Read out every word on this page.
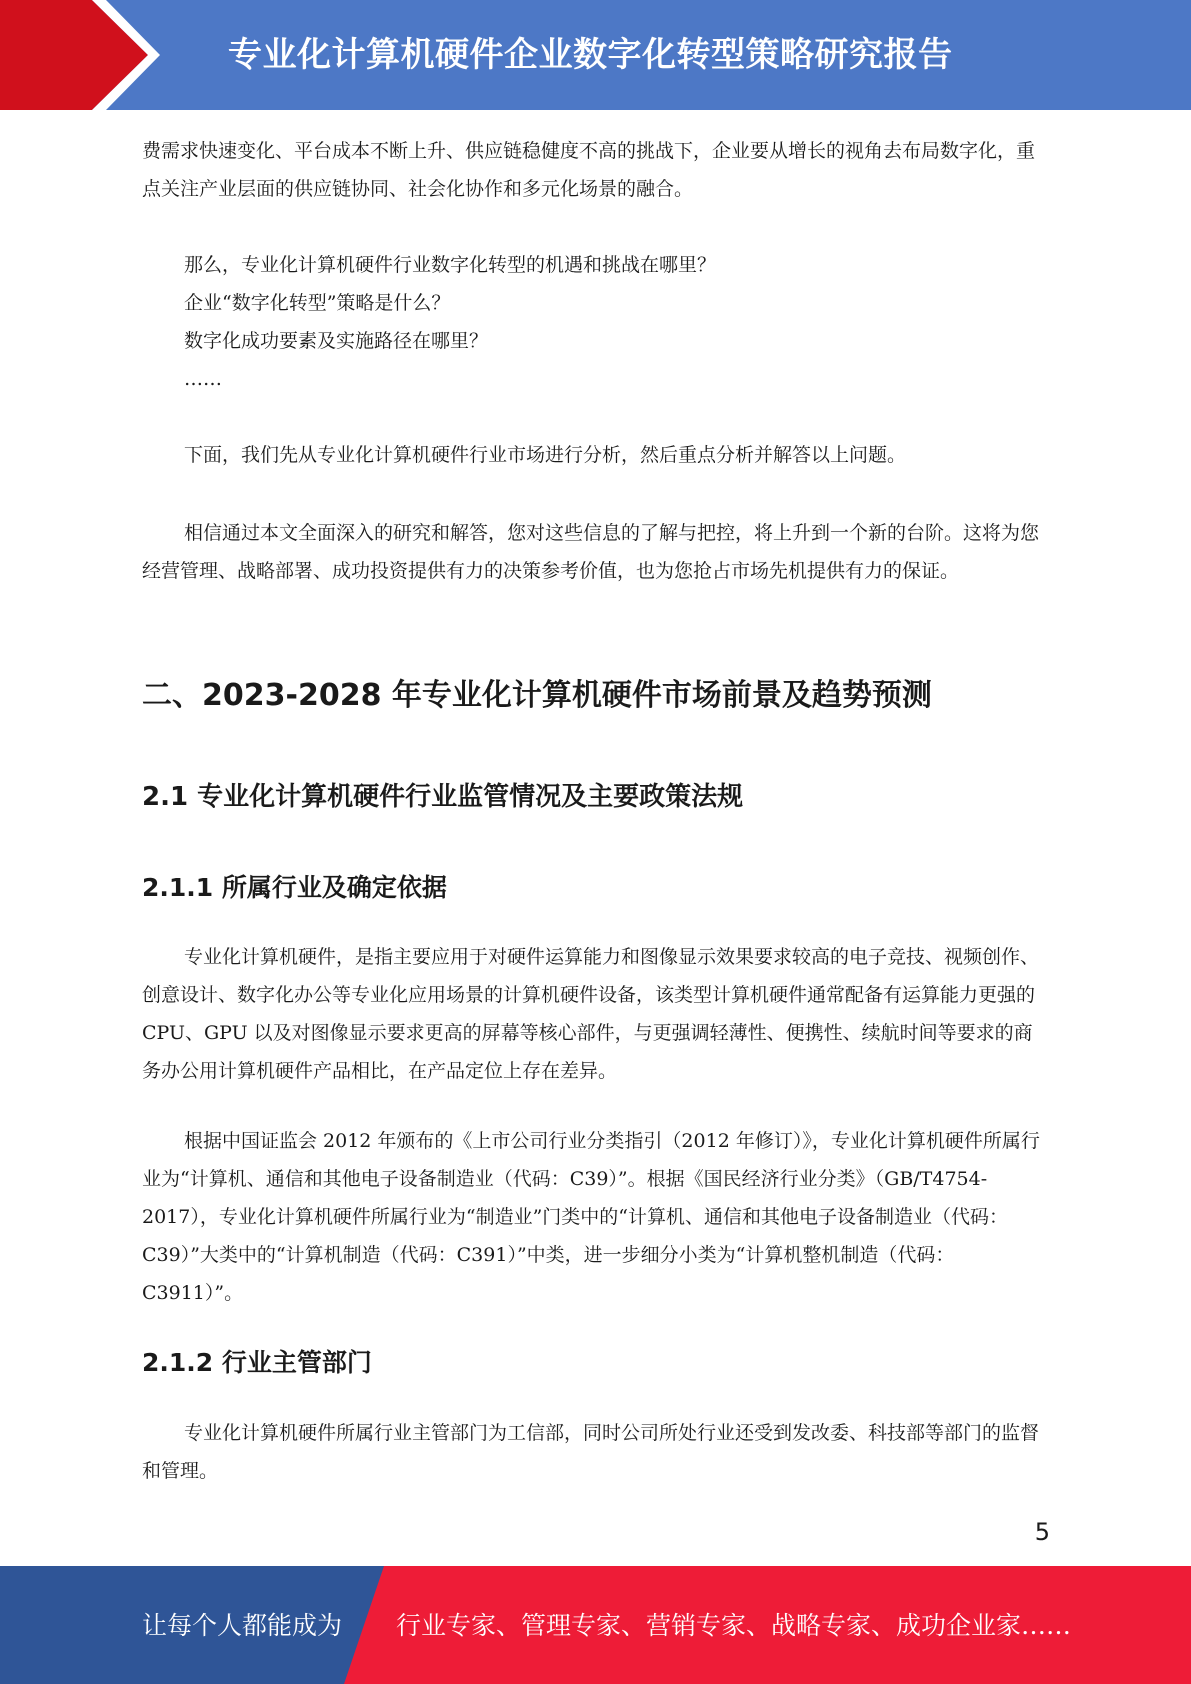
专业化计算机硬件企业数字化转型策略研究报告

费需求快速变化、平台成本不断上升、供应链稳健度不高的挑战下，企业要从增长的视角去布局数字化，重点关注产业层面的供应链协同、社会化协作和多元化场景的融合。

那么，专业化计算机硬件行业数字化转型的机遇和挑战在哪里？

企业“数字化转型”策略是什么？

数字化成功要素及实施路径在哪里？

……

下面，我们先从专业化计算机硬件行业市场进行分析，然后重点分析并解答以上问题。

相信通过本文全面深入的研究和解答，您对这些信息的了解与把控，将上升到一个新的台阶。这将为您经营管理、战略部署、成功投资提供有力的决策参考价值，也为您抢占市场先机提供有力的保证。

二、2023-2028 年专业化计算机硬件市场前景及趋势预测
2.1 专业化计算机硬件行业监管情况及主要政策法规
2.1.1 所属行业及确定依据

专业化计算机硬件，是指主要应用于对硬件运算能力和图像显示效果要求较高的电子竞技、视频创作、创意设计、数字化办公等专业化应用场景的计算机硬件设备，该类型计算机硬件通常配备有运算能力更强的 CPU、GPU 以及对图像显示要求更高的屏幕等核心部件，与更强调轻薄性、便携性、续航时间等要求的商务办公用计算机硬件产品相比，在产品定位上存在差异。

根据中国证监会 2012 年颁布的《上市公司行业分类指引（2012 年修订）》，专业化计算机硬件所属行业为“计算机、通信和其他电子设备制造业（代码：C39）”。根据《国民经济行业分类》（GB/T4754-2017），专业化计算机硬件所属行业为“制造业”门类中的“计算机、通信和其他电子设备制造业（代码：C39）”大类中的“计算机制造（代码：C391）”中类，进一步细分小类为“计算机整机制造（代码：C3911）”。

2.1.2 行业主管部门

专业化计算机硬件所属行业主管部门为工信部，同时公司所处行业还受到发改委、科技部等部门的监督和管理。

5
让每个人都能成为 行业专家、管理专家、营销专家、战略专家、成功企业家……
